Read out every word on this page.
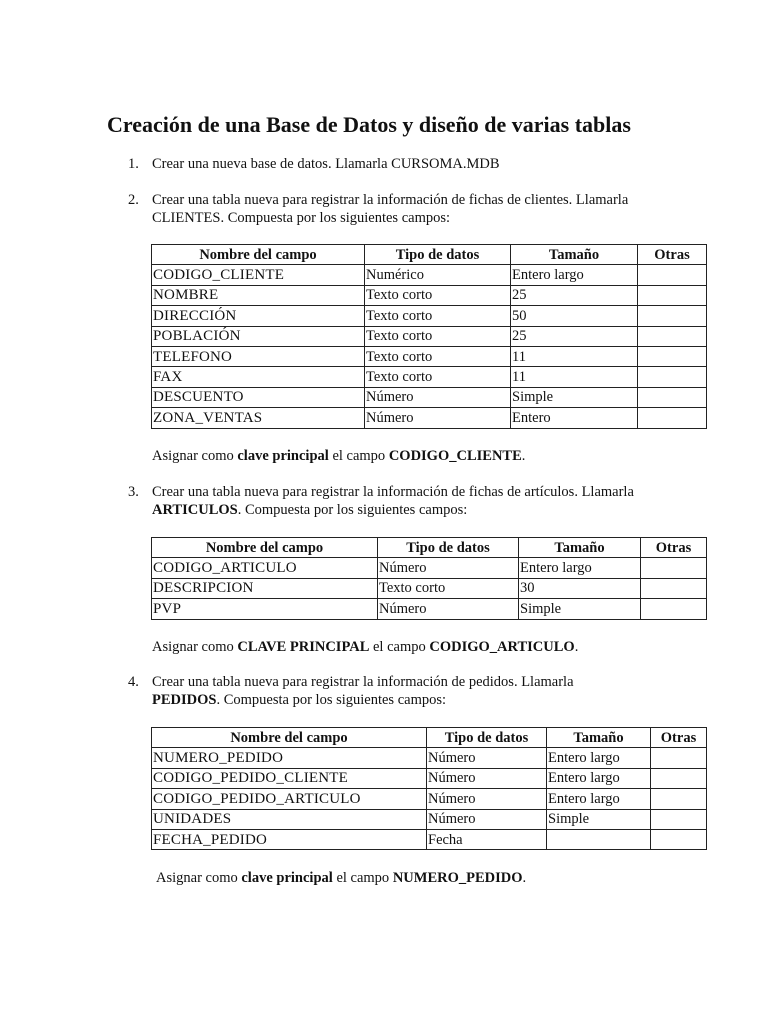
Creación de una Base de Datos y diseño de varias tablas
1. Crear una nueva base de datos. Llamarla CURSOMA.MDB
2. Crear una tabla nueva para registrar la información de fichas de clientes. Llamarla
CLIENTES. Compuesta por los siguientes campos:
Nombre del campo	Tipo de datos	Tamaño	Otras
CODIGO_CLIENTE	Numérico	Entero largo	
NOMBRE	Texto corto	25	
DIRECCIÓN	Texto corto	50	
POBLACIÓN	Texto corto	25	
TELEFONO	Texto corto	11	
FAX	Texto corto	11	
DESCUENTO	Número	Simple	
ZONA_VENTAS	Número	Entero	
Asignar como clave principal el campo CODIGO_CLIENTE.
3. Crear una tabla nueva para registrar la información de fichas de artículos. Llamarla
ARTICULOS. Compuesta por los siguientes campos:
Nombre del campo	Tipo de datos	Tamaño	Otras
CODIGO_ARTICULO	Número	Entero largo	
DESCRIPCION	Texto corto	30	
PVP	Número	Simple	
Asignar como CLAVE PRINCIPAL el campo CODIGO_ARTICULO.
4. Crear una tabla nueva para registrar la información de pedidos. Llamarla
PEDIDOS. Compuesta por los siguientes campos:
Nombre del campo	Tipo de datos	Tamaño	Otras
NUMERO_PEDIDO	Número	Entero largo	
CODIGO_PEDIDO_CLIENTE	Número	Entero largo	
CODIGO_PEDIDO_ARTICULO	Número	Entero largo	
UNIDADES	Número	Simple	
FECHA_PEDIDO	Fecha		
Asignar como clave principal el campo NUMERO_PEDIDO.
